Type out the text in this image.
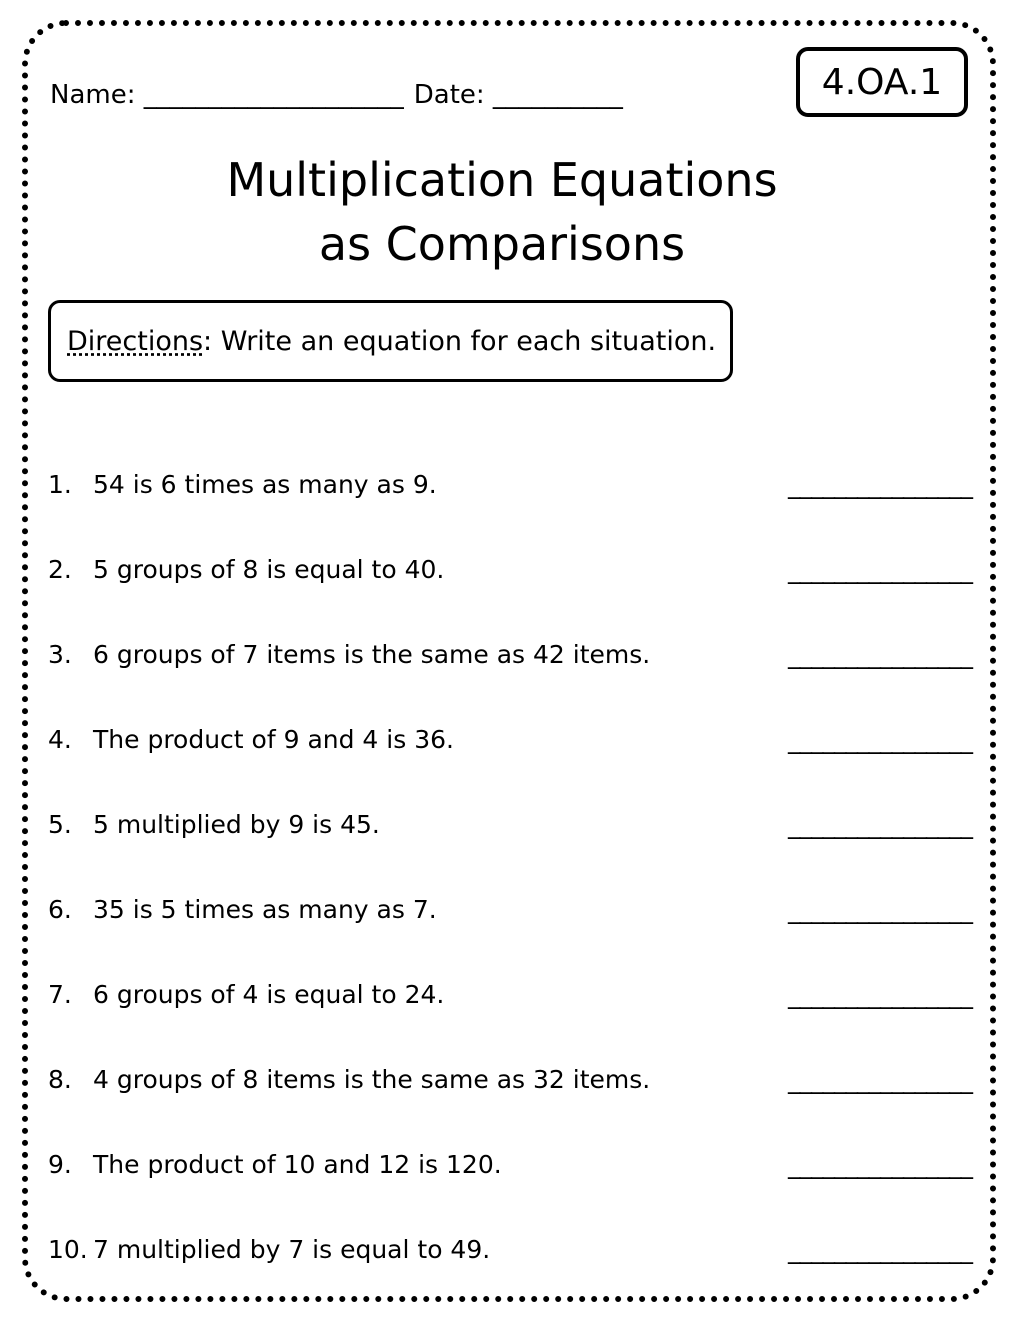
Name: ____________________ Date: __________	4.OA.1
Multiplication Equations
as Comparisons
Directions : Write an equation for each situation.
1. 54 is 6 times as many as 9.	________________
2. 5 groups of 8 is equal to 40.	________________
3. 6 groups of 7 items is the same as 42 items.	________________
4. The product of 9 and 4 is 36.	________________
5. 5 multiplied by 9 is 45.	________________
6. 35 is 5 times as many as 7.	________________
7. 6 groups of 4 is equal to 24.	________________
8. 4 groups of 8 items is the same as 32 items.	________________
9. The product of 10 and 12 is 120.	________________
10. 7 multiplied by 7 is equal to 49.	________________
